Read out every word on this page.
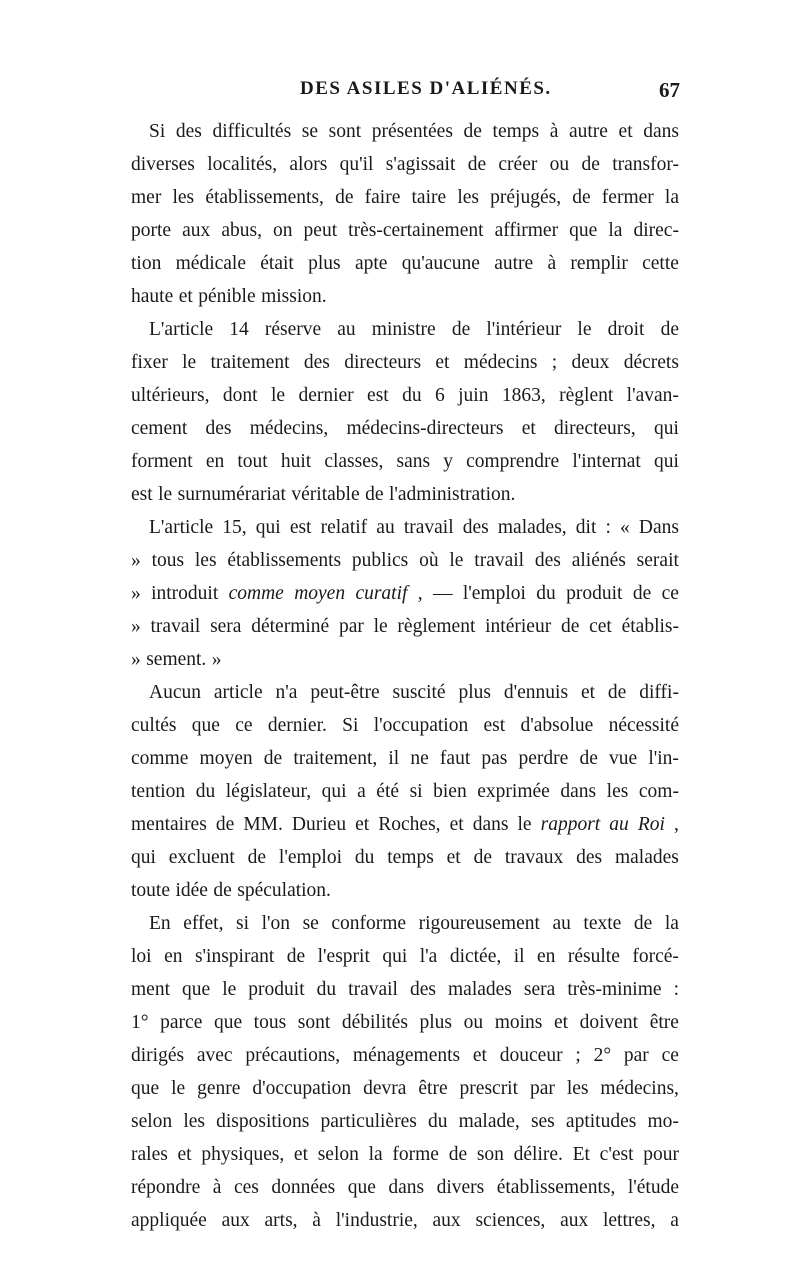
DES ASILES D'ALIÉNÉS.	67
Si des difficultés se sont présentées de temps à autre et dans
diverses localités, alors qu'il s'agissait de créer ou de transfor-
mer les établissements, de faire taire les préjugés, de fermer la
porte aux abus, on peut très-certainement affirmer que la direc-
tion médicale était plus apte qu'aucune autre à remplir cette
haute et pénible mission.
L'article 14 réserve au ministre de l'intérieur le droit de
fixer le traitement des directeurs et médecins ; deux décrets
ultérieurs, dont le dernier est du 6 juin 1863, règlent l'avan-
cement des médecins, médecins-directeurs et directeurs, qui
forment en tout huit classes, sans y comprendre l'internat qui
est le surnumérariat véritable de l'administration.
L'article 15, qui est relatif au travail des malades, dit : « Dans
» tous les établissements publics où le travail des aliénés serait
» introduit comme moyen curatif , — l'emploi du produit de ce
» travail sera déterminé par le règlement intérieur de cet établis-
» sement. »
Aucun article n'a peut-être suscité plus d'ennuis et de diffi-
cultés que ce dernier. Si l'occupation est d'absolue nécessité
comme moyen de traitement, il ne faut pas perdre de vue l'in-
tention du législateur, qui a été si bien exprimée dans les com-
mentaires de MM. Durieu et Roches, et dans le rapport au Roi ,
qui excluent de l'emploi du temps et de travaux des malades
toute idée de spéculation.
En effet, si l'on se conforme rigoureusement au texte de la
loi en s'inspirant de l'esprit qui l'a dictée, il en résulte forcé-
ment que le produit du travail des malades sera très-minime :
1° parce que tous sont débilités plus ou moins et doivent être
dirigés avec précautions, ménagements et douceur ; 2° par ce
que le genre d'occupation devra être prescrit par les médecins,
selon les dispositions particulières du malade, ses aptitudes mo-
rales et physiques, et selon la forme de son délire. Et c'est pour
répondre à ces données que dans divers établissements, l'étude
appliquée aux arts, à l'industrie, aux sciences, aux lettres, a
